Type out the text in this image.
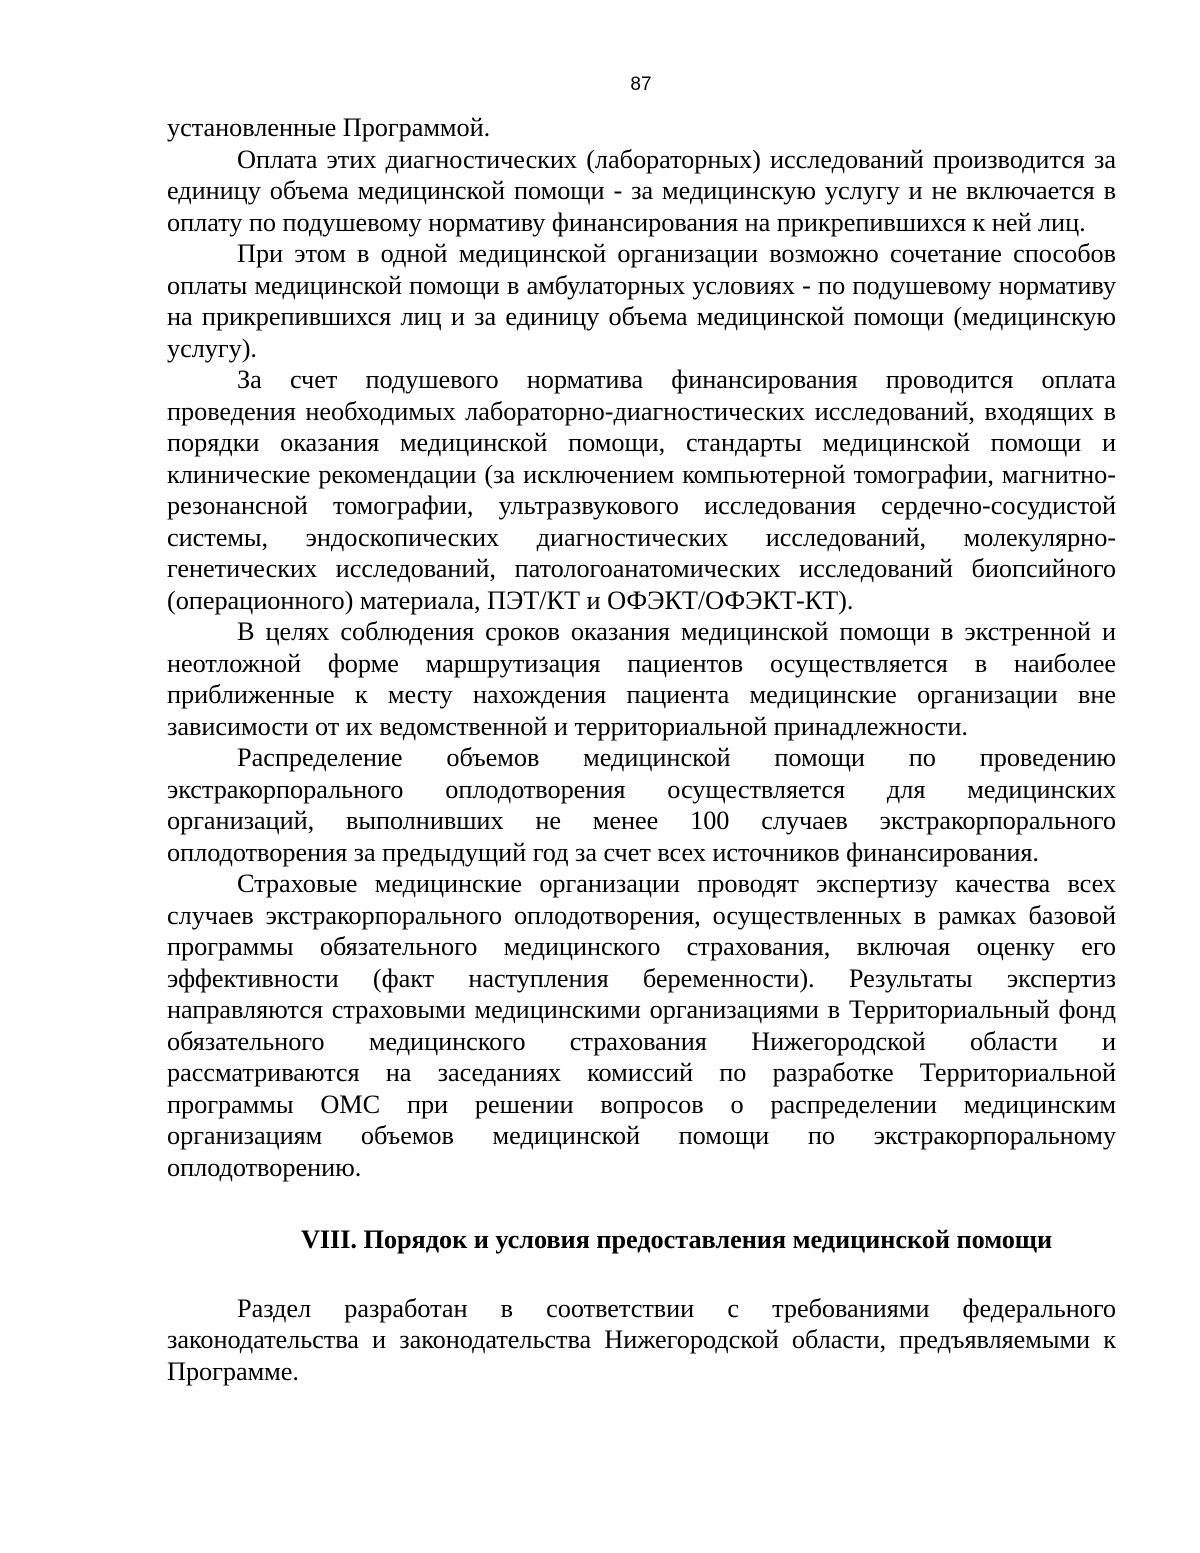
87

установленные Программой.

Оплата этих диагностических (лабораторных) исследований производится за единицу объема медицинской помощи - за медицинскую услугу и не включается в оплату по подушевому нормативу финансирования на прикрепившихся к ней лиц.

При этом в одной медицинской организации возможно сочетание способов оплаты медицинской помощи в амбулаторных условиях - по подушевому нормативу на прикрепившихся лиц и за единицу объема медицинской помощи (медицинскую услугу).

За счет подушевого норматива финансирования проводится оплата проведения необходимых лабораторно-диагностических исследований, входящих в порядки оказания медицинской помощи, стандарты медицинской помощи и клинические рекомендации (за исключением компьютерной томографии, магнитно-резонансной томографии, ультразвукового исследования сердечно-сосудистой системы, эндоскопических диагностических исследований, молекулярно-генетических исследований, патологоанатомических исследований биопсийного (операционного) материала, ПЭТ/КТ и ОФЭКТ/ОФЭКТ-КТ).

В целях соблюдения сроков оказания медицинской помощи в экстренной и неотложной форме маршрутизация пациентов осуществляется в наиболее приближенные к месту нахождения пациента медицинские организации вне зависимости от их ведомственной и территориальной принадлежности.

Распределение объемов медицинской помощи по проведению экстракорпорального оплодотворения осуществляется для медицинских организаций, выполнивших не менее 100 случаев экстракорпорального оплодотворения за предыдущий год за счет всех источников финансирования.

Страховые медицинские организации проводят экспертизу качества всех случаев экстракорпорального оплодотворения, осуществленных в рамках базовой программы обязательного медицинского страхования, включая оценку его эффективности (факт наступления беременности). Результаты экспертиз направляются страховыми медицинскими организациями в Территориальный фонд обязательного медицинского страхования Нижегородской области и рассматриваются на заседаниях комиссий по разработке Территориальной программы ОМС при решении вопросов о распределении медицинским организациям объемов медицинской помощи по экстракорпоральному оплодотворению.

VIII. Порядок и условия предоставления медицинской помощи

Раздел разработан в соответствии с требованиями федерального законодательства и законодательства Нижегородской области, предъявляемыми к Программе.
